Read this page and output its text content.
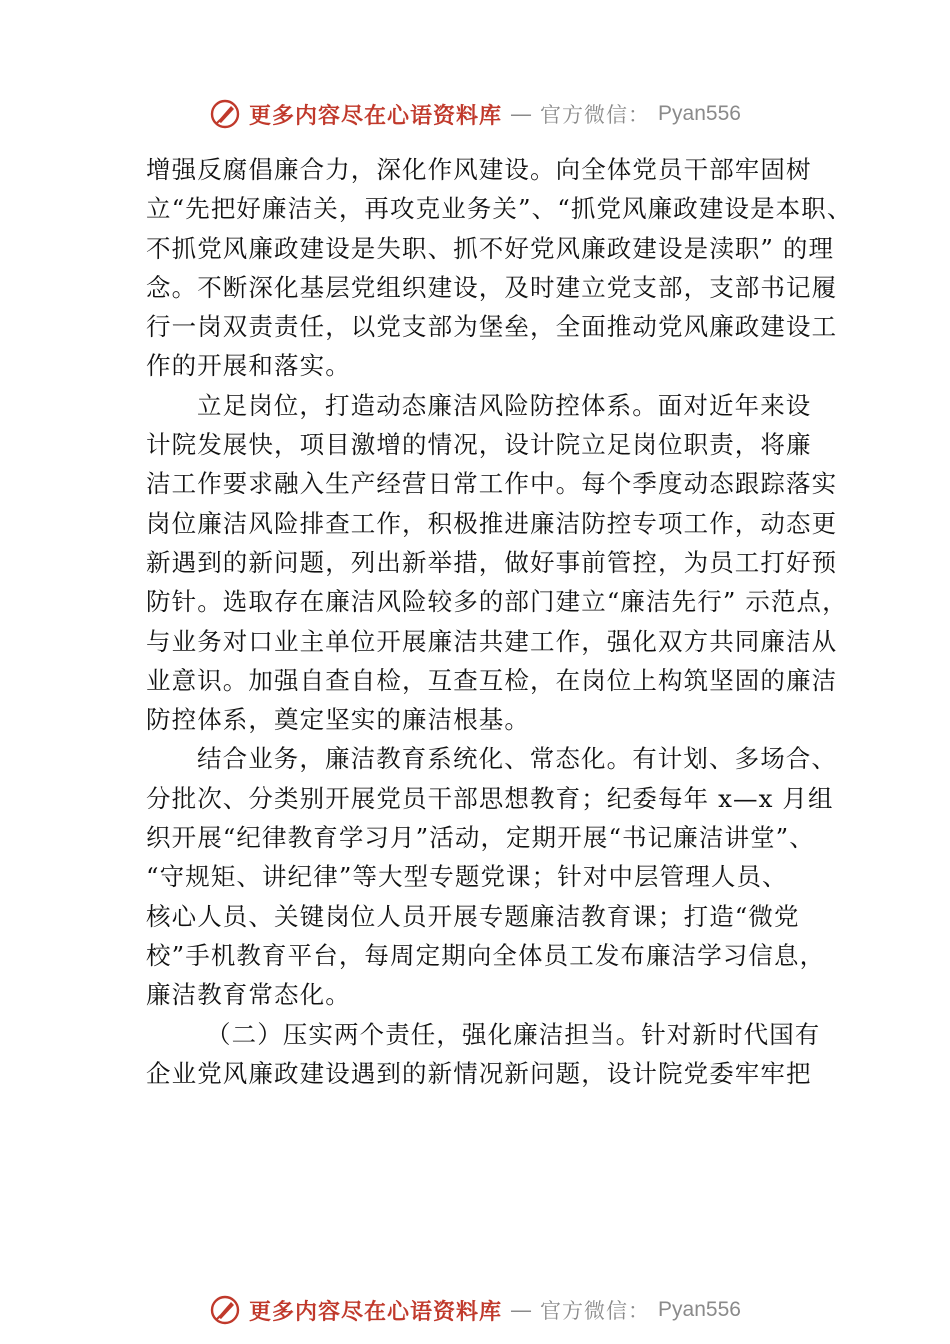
更多内容尽在心语资料库 — 官方微信： Pyan556
增强反腐倡廉合力，深化作风建设。向全体党员干部牢固树
立“先把好廉洁关，再攻克业务关”、“抓党风廉政建设是本职、
不抓党风廉政建设是失职、抓不好党风廉政建设是渎职” 的理
念。不断深化基层党组织建设，及时建立党支部，支部书记履
行一岗双责责任，以党支部为堡垒，全面推动党风廉政建设工
作的开展和落实。
立足岗位，打造动态廉洁风险防控体系。面对近年来设
计院发展快，项目激增的情况，设计院立足岗位职责，将廉
洁工作要求融入生产经营日常工作中。每个季度动态跟踪落实
岗位廉洁风险排查工作，积极推进廉洁防控专项工作，动态更
新遇到的新问题，列出新举措，做好事前管控，为员工打好预
防针。选取存在廉洁风险较多的部门建立“廉洁先行” 示范点，
与业务对口业主单位开展廉洁共建工作，强化双方共同廉洁从
业意识。加强自查自检，互查互检，在岗位上构筑坚固的廉洁
防控体系，奠定坚实的廉洁根基。
结合业务，廉洁教育系统化、常态化。有计划、多场合、
分批次、分类别开展党员干部思想教育；纪委每年 x—x 月组
织开展“纪律教育学习月”活动，定期开展“书记廉洁讲堂”、
“守规矩、讲纪律”等大型专题党课；针对中层管理人员、
核心人员、关键岗位人员开展专题廉洁教育课；打造“微党
校”手机教育平台，每周定期向全体员工发布廉洁学习信息，
廉洁教育常态化。
（二）压实两个责任，强化廉洁担当。针对新时代国有
企业党风廉政建设遇到的新情况新问题，设计院党委牢牢把
更多内容尽在心语资料库 — 官方微信： Pyan556
